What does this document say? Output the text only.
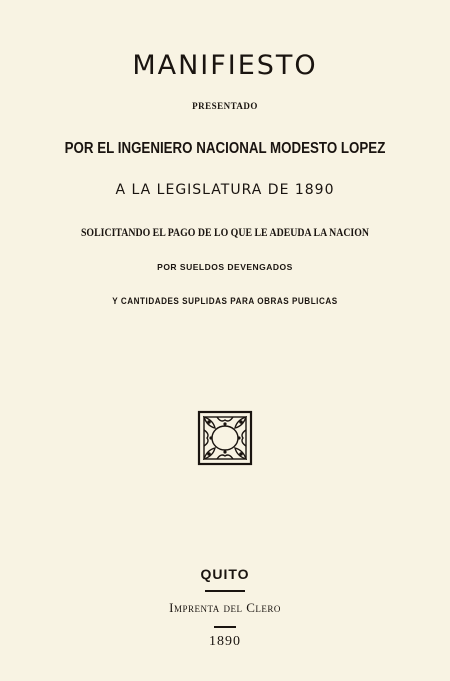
MANIFIESTO
PRESENTADO
POR EL INGENIERO NACIONAL MODESTO LOPEZ
A LA LEGISLATURA DE 1890
SOLICITANDO EL PAGO DE LO QUE LE ADEUDA LA NACION
POR SUELDOS DEVENGADOS
Y CANTIDADES SUPLIDAS PARA OBRAS PUBLICAS
QUITO
Imprenta del Clero
1890
